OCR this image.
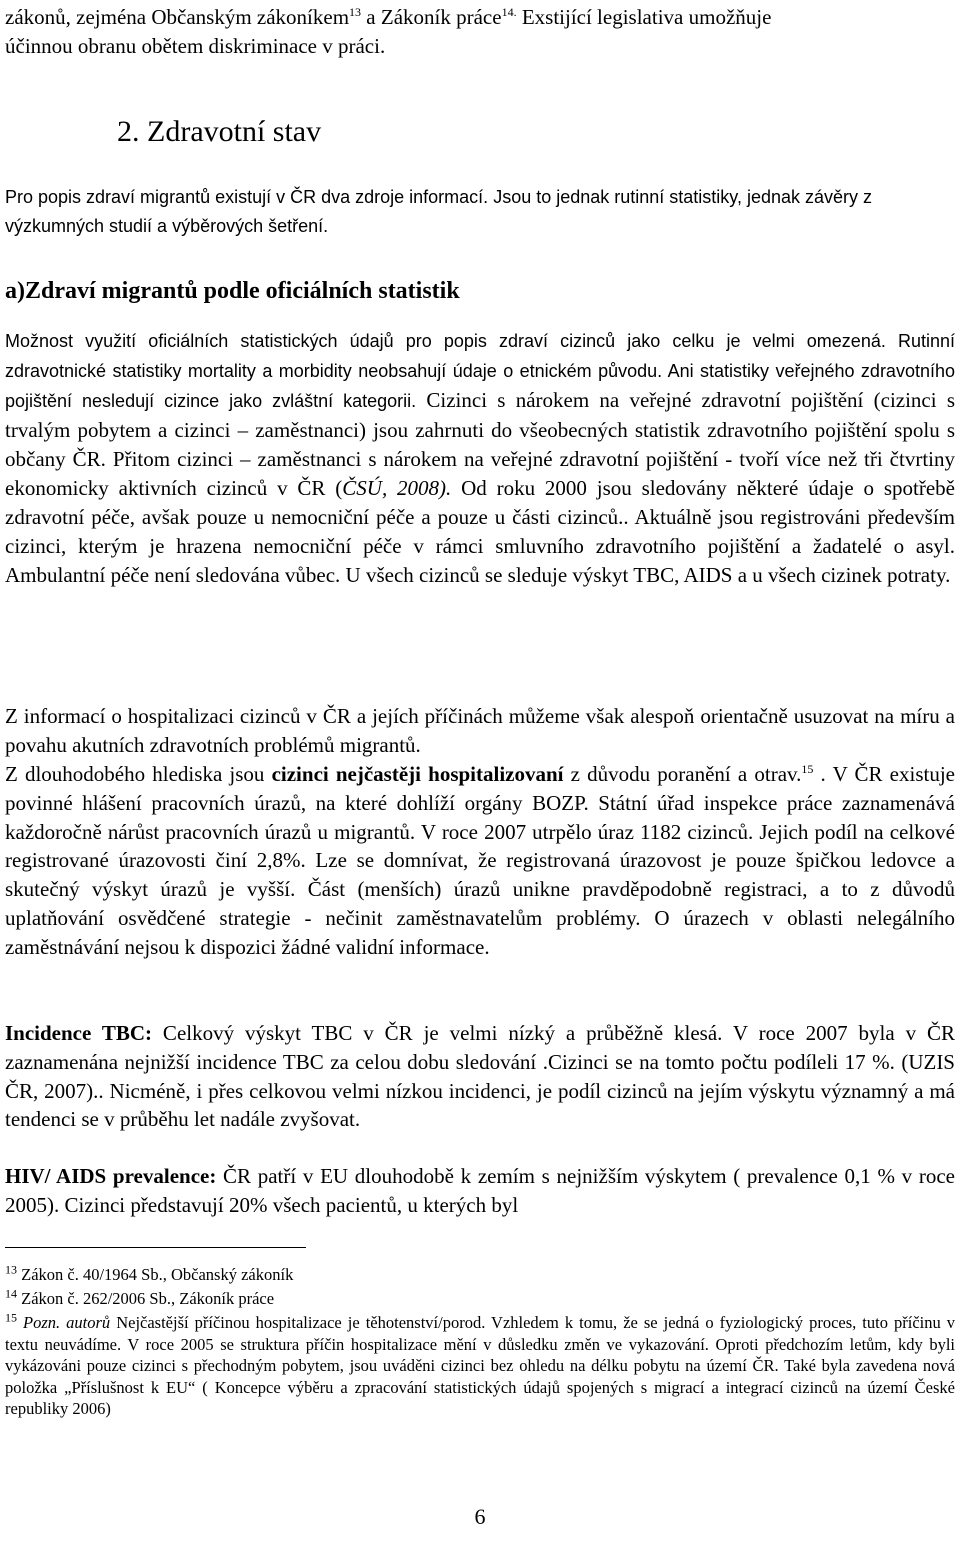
zákonů, zejména Občanským zákoníkem$^{13}$ a Zákoník práce$^{14.}$ Exstijící legislativa umožňuje
účinnou obranu obětem diskriminace v práci.

2. Zdravotní stav

Pro popis zdraví migrantů existují v ČR dva zdroje informací. Jsou to jednak rutinní statistiky, jednak závěry z výzkumných studií a výběrových šetření.

a)Zdraví migrantů podle oficiálních statistik

Možnost využití oficiálních statistických údajů pro popis zdraví cizinců jako celku je velmi omezená. Rutinní zdravotnické statistiky mortality a morbidity neobsahují údaje o etnickém původu. Ani statistiky veřejného zdravotního pojištění nesledují cizince jako zvláštní kategorii. Cizinci s nárokem na veřejné zdravotní pojištění (cizinci s trvalým pobytem a cizinci – zaměstnanci) jsou zahrnuti do všeobecných statistik zdravotního pojištění spolu s občany ČR. Přitom cizinci – zaměstnanci s nárokem na veřejné zdravotní pojištění - tvoří více než tři čtvrtiny ekonomicky aktivních cizinců v ČR (ČSÚ, 2008). Od roku 2000 jsou sledovány některé údaje o spotřebě zdravotní péče, avšak pouze u nemocniční péče a pouze u části cizinců.. Aktuálně jsou registrováni především cizinci, kterým je hrazena nemocniční péče v rámci smluvního zdravotního pojištění a žadatelé o asyl. Ambulantní péče není sledována vůbec. U všech cizinců se sleduje výskyt TBC, AIDS a u všech cizinek potraty.

Z informací o hospitalizaci cizinců v ČR a jejích příčinách můžeme však alespoň orientačně usuzovat na míru a povahu akutních zdravotních problémů migrantů.

Z dlouhodobého hlediska jsou cizinci nejčastěji hospitalizovaní z důvodu poranění a otrav.$^{15}$ . V ČR existuje povinné hlášení pracovních úrazů, na které dohlíží orgány BOZP. Státní úřad inspekce práce zaznamenává každoročně nárůst pracovních úrazů u migrantů. V roce 2007 utrpělo úraz 1182 cizinců. Jejich podíl na celkové registrované úrazovosti činí 2,8%. Lze se domnívat, že registrovaná úrazovost je pouze špičkou ledovce a skutečný výskyt úrazů je vyšší. Část (menších) úrazů unikne pravděpodobně registraci, a to z důvodů uplatňování osvědčené strategie - nečinit zaměstnavatelům problémy. O úrazech v oblasti nelegálního zaměstnávání nejsou k dispozici žádné validní informace.

Incidence TBC: Celkový výskyt TBC v ČR je velmi nízký a průběžně klesá. V roce 2007 byla v ČR zaznamenána nejnižší incidence TBC za celou dobu sledování .Cizinci se na tomto počtu podíleli 17 %. (UZIS ČR, 2007).. Nicméně, i přes celkovou velmi nízkou incidenci, je podíl cizinců na jejím výskytu významný a má tendenci se v průběhu let nadále zvyšovat.

HIV/ AIDS prevalence: ČR patří v EU dlouhodobě k zemím s nejnižším výskytem ( prevalence 0,1 % v roce 2005). Cizinci představují 20% všech pacientů, u kterých byl

$^{13}$ Zákon č. 40/1964 Sb., Občanský zákoník
$^{14}$ Zákon č. 262/2006 Sb., Zákoník práce
$^{15}$ Pozn. autorů Nejčastější příčinou hospitalizace je těhotenství/porod. Vzhledem k tomu, že se jedná o fyziologický proces, tuto příčinu v textu neuvádíme. V roce 2005 se struktura příčin hospitalizace mění v důsledku změn ve vykazování. Oproti předchozím letům, kdy byli vykázováni pouze cizinci s přechodným pobytem, jsou uváděni cizinci bez ohledu na délku pobytu na území ČR. Také byla zavedena nová položka „Příslušnost k EU“ ( Koncepce výběru a zpracování statistických údajů spojených s migrací a integrací cizinců na území České republiky 2006)
6
